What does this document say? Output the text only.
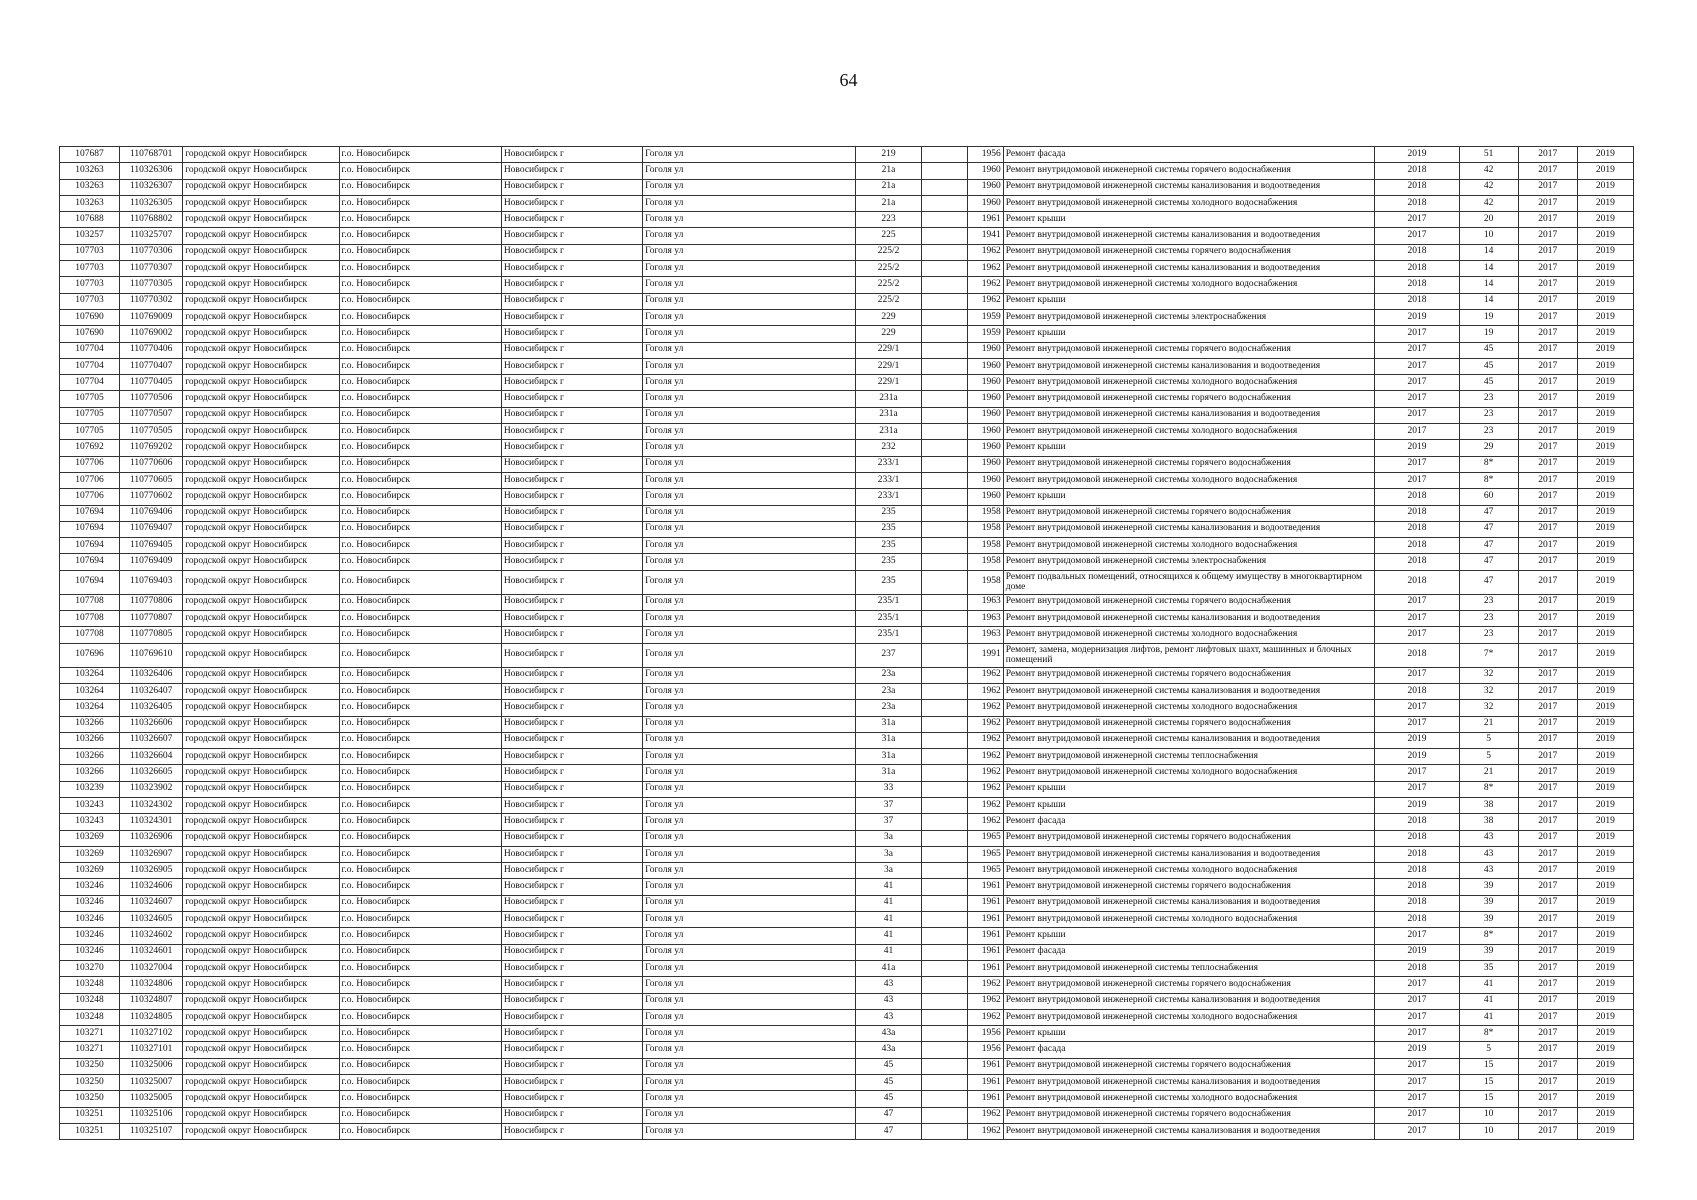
64
107687	110768701	городской округ Новосибирск	г.о. Новосибирск	Новосибирск г	Гоголя ул	219		1956	Ремонт фасада	2019	51	2017	2019
103263	110326306	городской округ Новосибирск	г.о. Новосибирск	Новосибирск г	Гоголя ул	21а		1960	Ремонт внутридомовой инженерной системы горячего водоснабжения	2018	42	2017	2019
103263	110326307	городской округ Новосибирск	г.о. Новосибирск	Новосибирск г	Гоголя ул	21а		1960	Ремонт внутридомовой инженерной системы канализования и водоотведения	2018	42	2017	2019
103263	110326305	городской округ Новосибирск	г.о. Новосибирск	Новосибирск г	Гоголя ул	21а		1960	Ремонт внутридомовой инженерной системы холодного водоснабжения	2018	42	2017	2019
107688	110768802	городской округ Новосибирск	г.о. Новосибирск	Новосибирск г	Гоголя ул	223		1961	Ремонт крыши	2017	20	2017	2019
103257	110325707	городской округ Новосибирск	г.о. Новосибирск	Новосибирск г	Гоголя ул	225		1941	Ремонт внутридомовой инженерной системы канализования и водоотведения	2017	10	2017	2019
107703	110770306	городской округ Новосибирск	г.о. Новосибирск	Новосибирск г	Гоголя ул	225/2		1962	Ремонт внутридомовой инженерной системы горячего водоснабжения	2018	14	2017	2019
107703	110770307	городской округ Новосибирск	г.о. Новосибирск	Новосибирск г	Гоголя ул	225/2		1962	Ремонт внутридомовой инженерной системы канализования и водоотведения	2018	14	2017	2019
107703	110770305	городской округ Новосибирск	г.о. Новосибирск	Новосибирск г	Гоголя ул	225/2		1962	Ремонт внутридомовой инженерной системы холодного водоснабжения	2018	14	2017	2019
107703	110770302	городской округ Новосибирск	г.о. Новосибирск	Новосибирск г	Гоголя ул	225/2		1962	Ремонт крыши	2018	14	2017	2019
107690	110769009	городской округ Новосибирск	г.о. Новосибирск	Новосибирск г	Гоголя ул	229		1959	Ремонт внутридомовой инженерной системы электроснабжения	2019	19	2017	2019
107690	110769002	городской округ Новосибирск	г.о. Новосибирск	Новосибирск г	Гоголя ул	229		1959	Ремонт крыши	2017	19	2017	2019
107704	110770406	городской округ Новосибирск	г.о. Новосибирск	Новосибирск г	Гоголя ул	229/1		1960	Ремонт внутридомовой инженерной системы горячего водоснабжения	2017	45	2017	2019
107704	110770407	городской округ Новосибирск	г.о. Новосибирск	Новосибирск г	Гоголя ул	229/1		1960	Ремонт внутридомовой инженерной системы канализования и водоотведения	2017	45	2017	2019
107704	110770405	городской округ Новосибирск	г.о. Новосибирск	Новосибирск г	Гоголя ул	229/1		1960	Ремонт внутридомовой инженерной системы холодного водоснабжения	2017	45	2017	2019
107705	110770506	городской округ Новосибирск	г.о. Новосибирск	Новосибирск г	Гоголя ул	231а		1960	Ремонт внутридомовой инженерной системы горячего водоснабжения	2017	23	2017	2019
107705	110770507	городской округ Новосибирск	г.о. Новосибирск	Новосибирск г	Гоголя ул	231а		1960	Ремонт внутридомовой инженерной системы канализования и водоотведения	2017	23	2017	2019
107705	110770505	городской округ Новосибирск	г.о. Новосибирск	Новосибирск г	Гоголя ул	231а		1960	Ремонт внутридомовой инженерной системы холодного водоснабжения	2017	23	2017	2019
107692	110769202	городской округ Новосибирск	г.о. Новосибирск	Новосибирск г	Гоголя ул	232		1960	Ремонт крыши	2019	29	2017	2019
107706	110770606	городской округ Новосибирск	г.о. Новосибирск	Новосибирск г	Гоголя ул	233/1		1960	Ремонт внутридомовой инженерной системы горячего водоснабжения	2017	8*	2017	2019
107706	110770605	городской округ Новосибирск	г.о. Новосибирск	Новосибирск г	Гоголя ул	233/1		1960	Ремонт внутридомовой инженерной системы холодного водоснабжения	2017	8*	2017	2019
107706	110770602	городской округ Новосибирск	г.о. Новосибирск	Новосибирск г	Гоголя ул	233/1		1960	Ремонт крыши	2018	60	2017	2019
107694	110769406	городской округ Новосибирск	г.о. Новосибирск	Новосибирск г	Гоголя ул	235		1958	Ремонт внутридомовой инженерной системы горячего водоснабжения	2018	47	2017	2019
107694	110769407	городской округ Новосибирск	г.о. Новосибирск	Новосибирск г	Гоголя ул	235		1958	Ремонт внутридомовой инженерной системы канализования и водоотведения	2018	47	2017	2019
107694	110769405	городской округ Новосибирск	г.о. Новосибирск	Новосибирск г	Гоголя ул	235		1958	Ремонт внутридомовой инженерной системы холодного водоснабжения	2018	47	2017	2019
107694	110769409	городской округ Новосибирск	г.о. Новосибирск	Новосибирск г	Гоголя ул	235		1958	Ремонт внутридомовой инженерной системы электроснабжения	2018	47	2017	2019
107694	110769403	городской округ Новосибирск	г.о. Новосибирск	Новосибирск г	Гоголя ул	235		1958	Ремонт подвальных помещений, относящихся к общему имуществу в многоквартирном доме	2018	47	2017	2019
107708	110770806	городской округ Новосибирск	г.о. Новосибирск	Новосибирск г	Гоголя ул	235/1		1963	Ремонт внутридомовой инженерной системы горячего водоснабжения	2017	23	2017	2019
107708	110770807	городской округ Новосибирск	г.о. Новосибирск	Новосибирск г	Гоголя ул	235/1		1963	Ремонт внутридомовой инженерной системы канализования и водоотведения	2017	23	2017	2019
107708	110770805	городской округ Новосибирск	г.о. Новосибирск	Новосибирск г	Гоголя ул	235/1		1963	Ремонт внутридомовой инженерной системы холодного водоснабжения	2017	23	2017	2019
107696	110769610	городской округ Новосибирск	г.о. Новосибирск	Новосибирск г	Гоголя ул	237		1991	Ремонт, замена, модернизация лифтов, ремонт лифтовых шахт, машинных и блочных помещений	2018	7*	2017	2019
103264	110326406	городской округ Новосибирск	г.о. Новосибирск	Новосибирск г	Гоголя ул	23а		1962	Ремонт внутридомовой инженерной системы горячего водоснабжения	2017	32	2017	2019
103264	110326407	городской округ Новосибирск	г.о. Новосибирск	Новосибирск г	Гоголя ул	23а		1962	Ремонт внутридомовой инженерной системы канализования и водоотведения	2018	32	2017	2019
103264	110326405	городской округ Новосибирск	г.о. Новосибирск	Новосибирск г	Гоголя ул	23а		1962	Ремонт внутридомовой инженерной системы холодного водоснабжения	2017	32	2017	2019
103266	110326606	городской округ Новосибирск	г.о. Новосибирск	Новосибирск г	Гоголя ул	31а		1962	Ремонт внутридомовой инженерной системы горячего водоснабжения	2017	21	2017	2019
103266	110326607	городской округ Новосибирск	г.о. Новосибирск	Новосибирск г	Гоголя ул	31а		1962	Ремонт внутридомовой инженерной системы канализования и водоотведения	2019	5	2017	2019
103266	110326604	городской округ Новосибирск	г.о. Новосибирск	Новосибирск г	Гоголя ул	31а		1962	Ремонт внутридомовой инженерной системы теплоснабжения	2019	5	2017	2019
103266	110326605	городской округ Новосибирск	г.о. Новосибирск	Новосибирск г	Гоголя ул	31а		1962	Ремонт внутридомовой инженерной системы холодного водоснабжения	2017	21	2017	2019
103239	110323902	городской округ Новосибирск	г.о. Новосибирск	Новосибирск г	Гоголя ул	33		1962	Ремонт крыши	2017	8*	2017	2019
103243	110324302	городской округ Новосибирск	г.о. Новосибирск	Новосибирск г	Гоголя ул	37		1962	Ремонт крыши	2019	38	2017	2019
103243	110324301	городской округ Новосибирск	г.о. Новосибирск	Новосибирск г	Гоголя ул	37		1962	Ремонт фасада	2018	38	2017	2019
103269	110326906	городской округ Новосибирск	г.о. Новосибирск	Новосибирск г	Гоголя ул	3а		1965	Ремонт внутридомовой инженерной системы горячего водоснабжения	2018	43	2017	2019
103269	110326907	городской округ Новосибирск	г.о. Новосибирск	Новосибирск г	Гоголя ул	3а		1965	Ремонт внутридомовой инженерной системы канализования и водоотведения	2018	43	2017	2019
103269	110326905	городской округ Новосибирск	г.о. Новосибирск	Новосибирск г	Гоголя ул	3а		1965	Ремонт внутридомовой инженерной системы холодного водоснабжения	2018	43	2017	2019
103246	110324606	городской округ Новосибирск	г.о. Новосибирск	Новосибирск г	Гоголя ул	41		1961	Ремонт внутридомовой инженерной системы горячего водоснабжения	2018	39	2017	2019
103246	110324607	городской округ Новосибирск	г.о. Новосибирск	Новосибирск г	Гоголя ул	41		1961	Ремонт внутридомовой инженерной системы канализования и водоотведения	2018	39	2017	2019
103246	110324605	городской округ Новосибирск	г.о. Новосибирск	Новосибирск г	Гоголя ул	41		1961	Ремонт внутридомовой инженерной системы холодного водоснабжения	2018	39	2017	2019
103246	110324602	городской округ Новосибирск	г.о. Новосибирск	Новосибирск г	Гоголя ул	41		1961	Ремонт крыши	2017	8*	2017	2019
103246	110324601	городской округ Новосибирск	г.о. Новосибирск	Новосибирск г	Гоголя ул	41		1961	Ремонт фасада	2019	39	2017	2019
103270	110327004	городской округ Новосибирск	г.о. Новосибирск	Новосибирск г	Гоголя ул	41а		1961	Ремонт внутридомовой инженерной системы теплоснабжения	2018	35	2017	2019
103248	110324806	городской округ Новосибирск	г.о. Новосибирск	Новосибирск г	Гоголя ул	43		1962	Ремонт внутридомовой инженерной системы горячего водоснабжения	2017	41	2017	2019
103248	110324807	городской округ Новосибирск	г.о. Новосибирск	Новосибирск г	Гоголя ул	43		1962	Ремонт внутридомовой инженерной системы канализования и водоотведения	2017	41	2017	2019
103248	110324805	городской округ Новосибирск	г.о. Новосибирск	Новосибирск г	Гоголя ул	43		1962	Ремонт внутридомовой инженерной системы холодного водоснабжения	2017	41	2017	2019
103271	110327102	городской округ Новосибирск	г.о. Новосибирск	Новосибирск г	Гоголя ул	43а		1956	Ремонт крыши	2017	8*	2017	2019
103271	110327101	городской округ Новосибирск	г.о. Новосибирск	Новосибирск г	Гоголя ул	43а		1956	Ремонт фасада	2019	5	2017	2019
103250	110325006	городской округ Новосибирск	г.о. Новосибирск	Новосибирск г	Гоголя ул	45		1961	Ремонт внутридомовой инженерной системы горячего водоснабжения	2017	15	2017	2019
103250	110325007	городской округ Новосибирск	г.о. Новосибирск	Новосибирск г	Гоголя ул	45		1961	Ремонт внутридомовой инженерной системы канализования и водоотведения	2017	15	2017	2019
103250	110325005	городской округ Новосибирск	г.о. Новосибирск	Новосибирск г	Гоголя ул	45		1961	Ремонт внутридомовой инженерной системы холодного водоснабжения	2017	15	2017	2019
103251	110325106	городской округ Новосибирск	г.о. Новосибирск	Новосибирск г	Гоголя ул	47		1962	Ремонт внутридомовой инженерной системы горячего водоснабжения	2017	10	2017	2019
103251	110325107	городской округ Новосибирск	г.о. Новосибирск	Новосибирск г	Гоголя ул	47		1962	Ремонт внутридомовой инженерной системы канализования и водоотведения	2017	10	2017	2019
